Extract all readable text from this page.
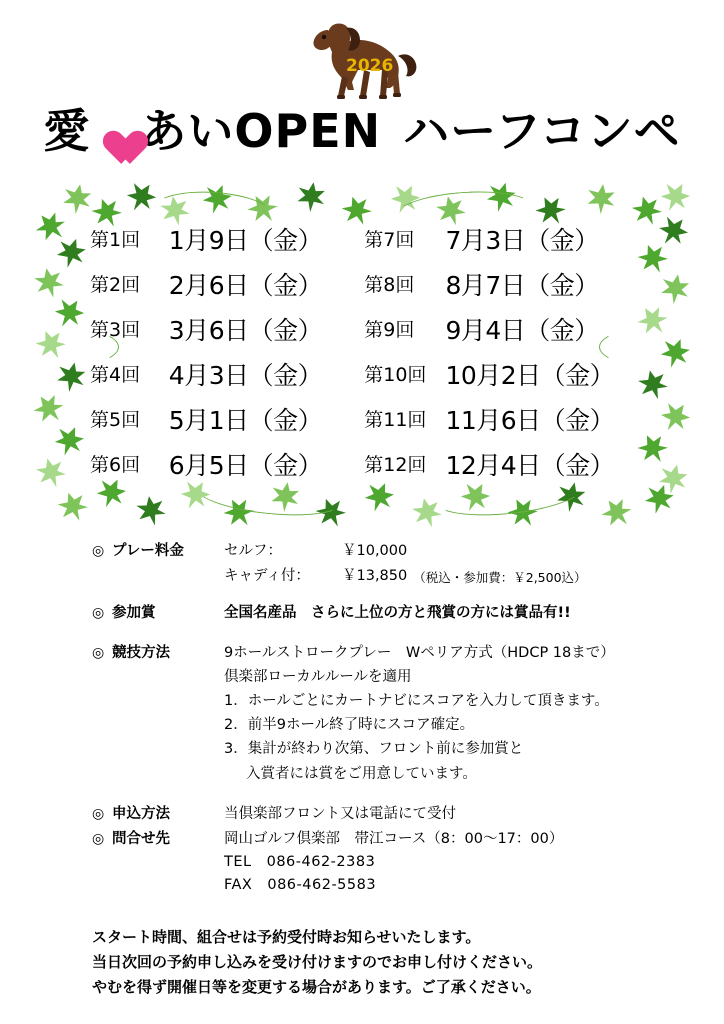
2026
愛 あいOPEN ハーフコンペ
第1回	1月9日（金）	第7回	7月3日（金）
第2回	2月6日（金）	第8回	8月7日（金）
第3回	3月6日（金）	第9回	9月4日（金）
第4回	4月3日（金）	第10回	10月2日（金）
第5回	5月1日（金）	第11回	11月6日（金）
第6回	6月5日（金）	第12回	12月4日（金）
◎ プレー料金	セルフ：	￥10,000
キャディ付：	￥13,850 （税込・参加費：￥2,500込）
◎ 参加賞	全国名産品　さらに上位の方と飛賞の方には賞品有!!
◎ 競技方法	9ホールストロークプレー　Wペリア方式（HDCP 18まで）
倶楽部ローカルルールを適用
1．ホールごとにカートナビにスコアを入力して頂きます。
2．前半9ホール終了時にスコア確定。
3．集計が終わり次第、フロント前に参加賞と
入賞者には賞をご用意しています。
◎ 申込方法	当倶楽部フロント又は電話にて受付
◎ 問合せ先	岡山ゴルフ倶楽部　帯江コース（8：00〜17：00）
TEL　086-462-2383
FAX　086-462-5583
スタート時間、組合せは予約受付時お知らせいたします。
当日次回の予約申し込みを受け付けますのでお申し付けください。
やむを得ず開催日等を変更する場合があります。ご了承ください。
